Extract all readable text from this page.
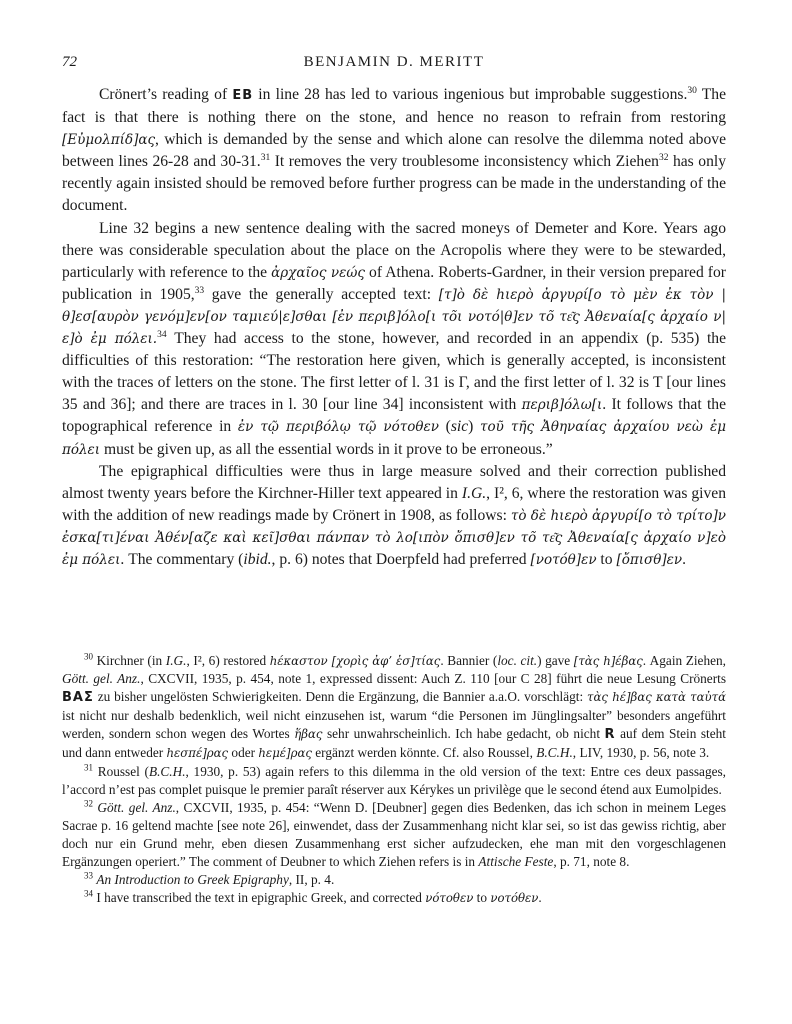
72	BENJAMIN D. MERITT

Crönert’s reading of EB in line 28 has led to various ingenious but improbable suggestions.$^{30}$ The fact is that there is nothing there on the stone, and hence no reason to refrain from restoring [Εὐμολπίδ]ας, which is demanded by the sense and which alone can resolve the dilemma noted above between lines 26-28 and 30-31.31 It removes the very troublesome inconsistency which Ziehen$^{32}$ has only recently again insisted should be removed before further progress can be made in the understanding of the document.

Line 32 begins a new sentence dealing with the sacred moneys of Demeter and Kore. Years ago there was considerable speculation about the place on the Acropolis where they were to be stewarded, particularly with reference to the ἀρχαῖος νεώς of Athena. Roberts-Gardner, in their version prepared for publication in 1905,33 gave the generally accepted text: [τ]ὸ δὲ hιερὸ ἀργυρί[ο τὸ μὲν ἐκ τὸν | θ]εσ[αυρὸν γενόμ]εν[ον ταμιεύ|ε]σθαι [ἐν περιβ]όλο[ι τõι νοτό|θ]εν τõ τε͂ς Ἀθεναία[ς ἀρχαίο ν|ε]ὸ ἐμ πόλει.$^{34}$ They had access to the stone, however, and recorded in an appendix (p. 535) the difficulties of this restoration: “The restoration here given, which is generally accepted, is inconsistent with the traces of letters on the stone. The first letter of l. 31 is Γ, and the first letter of l. 32 is T [our lines 35 and 36]; and there are traces in l. 30 [our line 34] inconsistent with περιβ]όλω[ι. It follows that the topographical reference in ἐν τῷ περιβόλῳ τῷ νότοθεν (sic) τοῦ τῆς Ἀθηναίας ἀρχαίου νεὼ ἐμ πόλει must be given up, as all the essential words in it prove to be erroneous.”

The epigraphical difficulties were thus in large measure solved and their correction published almost twenty years before the Kirchner-Hiller text appeared in I.G., I², 6, where the restoration was given with the addition of new readings made by Crönert in 1908, as follows: τὸ δὲ hιερὸ ἀργυρί[ο τὸ τρίτο]ν ἐσκα[τι]έναι Ἀθέν[αζε καὶ κεῖ]σθαι πάνπαν τὸ λο[ιπὸν ὄπισθ]εν τõ τε͂ς Ἀθεναία[ς ἀρχαίο ν]εὸ ἐμ πόλει. The commentary (ibid., p. 6) notes that Doerpfeld had preferred [νοτόθ]εν to [ὄπισθ]εν.

$^{30}$ Kirchner (in I.G., I², 6) restored hέκαστον [χορὶς ἀφ’ ἑσ]τίας. Bannier (loc. cit.) gave [τὰς h]έβας. Again Ziehen, Gött. gel. Anz., CXCVII, 1935, p. 454, note 1, expressed dissent: Auch Z. 110 [our C 28] führt die neue Lesung Crönerts BAΣ zu bisher ungelösten Schwierigkeiten. Denn die Ergänzung, die Bannier a.a.O. vorschlägt: τὰς hέ]βας κατὰ ταὐτά ist nicht nur deshalb bedenklich, weil nicht einzusehen ist, warum “die Personen im Jünglingsalter” besonders angeführt werden, sondern schon wegen des Wortes ἥβας sehr unwahrscheinlich. Ich habe gedacht, ob nicht R auf dem Stein steht und dann entweder hεσπέ]ρας oder hεμέ]ρας ergänzt werden könnte. Cf. also Roussel, B.C.H., LIV, 1930, p. 56, note 3.

$^{31}$ Roussel (B.C.H., 1930, p. 53) again refers to this dilemma in the old version of the text: Entre ces deux passages, l’accord n’est pas complet puisque le premier paraît réserver aux Kérykes un privilège que le second étend aux Eumolpides.

$^{32}$ Gött. gel. Anz., CXCVII, 1935, p. 454: “Wenn D. [Deubner] gegen dies Bedenken, das ich schon in meinem Leges Sacrae p. 16 geltend machte [see note 26], einwendet, dass der Zusammenhang nicht klar sei, so ist das gewiss richtig, aber doch nur ein Grund mehr, eben diesen Zusammenhang erst sicher aufzudecken, ehe man mit den vorgeschlagenen Ergänzungen operiert.” The comment of Deubner to which Ziehen refers is in Attische Feste, p. 71, note 8.

$^{33}$ An Introduction to Greek Epigraphy, II, p. 4.

$^{34}$ I have transcribed the text in epigraphic Greek, and corrected νότοθεν to νοτόθεν.
